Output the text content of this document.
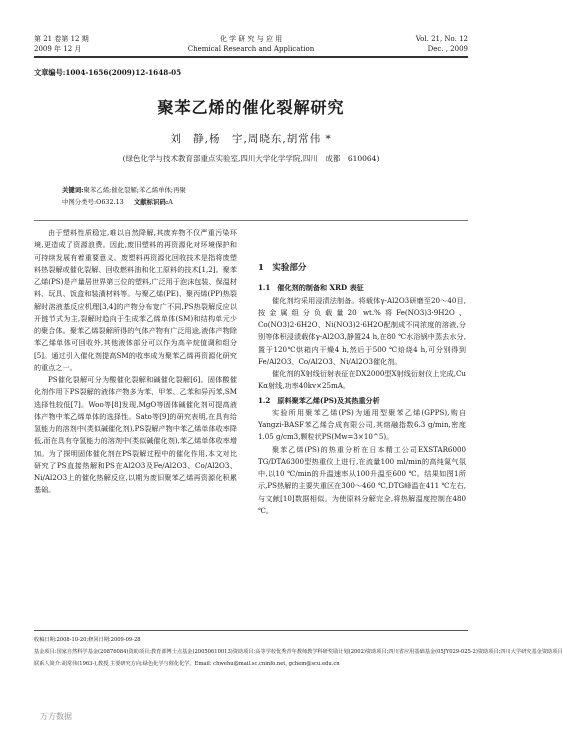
第 21 卷第 12 期
2009 年 12 月
化 学 研 究 与 应 用
Chemical Research and Application
Vol. 21, No. 12
Dec. , 2009
文章编号:1004-1656(2009)12-1648-05
聚苯乙烯的催化裂解研究
刘　静,杨　宇,周晓东,胡常伟 *
(绿色化学与技术教育部重点实验室,四川大学化学学院,四川　成都　610064)
关键词:聚苯乙烯;催化裂解;苯乙烯单体;再聚
中图分类号:O632.13 文献标识码:A

由于塑料性质稳定,难以自然降解,其废弃物不仅严重污染环境,更造成了资源浪费。因此,废旧塑料的再资源化对环境保护和可持续发展有着重要意义。废塑料再资源化回收技术是指将废塑料热裂解或催化裂解、回收燃料油和化工原料的技术[1,2]。聚苯乙烯(PS)是产量居世界第三位的塑料,广泛用于泡沫包装、保温材料、玩具、饭盒和装潢材料等。与聚乙烯(PE)、聚丙烯(PP)热裂解时溶液基反应机理[3,4]的产物分布宽广不同,PS热裂解反应以开链节式为主,裂解时趋向于生成苯乙烯单体(SM)和结构单元少的聚合体。聚苯乙烯裂解所得的气体产物有广泛用途,液体产物除苯乙烯单体可回收外,其他液体部分可以作为高辛烷值调和组分[5]。通过引入催化剂提高SM的收率成为聚苯乙烯再资源化研究的重点之一。

PS催化裂解可分为酸催化裂解和碱催化裂解[6]。固体酸催化剂作用下PS裂解的液体产物多为苯、甲苯、乙苯和异丙苯,SM选择性较低[7]。Woo等[8]发现,MgO等固体碱催化剂可提高液体产物中苯乙烯单体的选择性。Sato等[9]的研究表明,在具有给氢能力的溶剂中(类似碱催化剂),PS裂解产物中苯乙烯单体收率降低,而在具有夺氢能力的溶剂中(类似碱催化剂),苯乙烯单体收率增加。为了探明固体催化剂在PS裂解过程中的催化作用,本文对比研究了PS直接热解和PS在Al2O3及Fe/Al2O3、Co/Al2O3、Ni/Al2O3上的催化热解反应,以期为废旧聚苯乙烯再资源化积累基础。

1　实验部分
1.1　催化剂的制备和 XRD 表征

催化剂均采用浸渍法制备。将载体γ-Al2O3研磨至20～40目,按金属组分负载量20 wt.%将Fe(NO3)3·9H2O、Co(NO3)2·6H2O、Ni(NO3)2·6H2O配制成不同浓度的溶液,分别等体积浸渍载体γ-Al2O3,静置24 h,在80 ℃水浴锅中蒸去水分,置于120℃烘箱内干燥4 h,然后于500 ℃焙烧4 h,可分别得到Fe/Al2O3、Co/Al2O3、Ni/Al2O3催化剂。

催化剂的X射线衍射表征在DX2000型X射线衍射仪上完成,Cu Kα射线,功率40kv×25mA。

1.2　原料聚苯乙烯(PS)及其热重分析

实验所用聚苯乙烯(PS)为通用型聚苯乙烯(GPPS),购自Yangzi-BASF苯乙烯合成有限公司,其熔融指数6.3 g/min,密度1.05 g/cm3,颗粒状PS(Mw=3×10^5)。

聚苯乙烯(PS)的热重分析在日本精工公司EXSTAR6000 TG/DTA6300型热重仪上进行,在流量100 ml/min的高纯氮气氛中,以10 ℃/min的升温速率从100升温至600 ℃。结果如图1所示,PS热解的主要失重区在300～460 ℃,DTG峰温在411 ℃左右,与文献[10]数据相似。为使原料分解完全,将热解温度控制在480 ℃。

收稿日期:2008-10-20;修回日期:2009-09-28
基金项目:国家自然科学基金(20876084)资助项目;教育部博士点基金(20050610013)资助项目;高等学校优秀青年教师教学科研奖励计划(2002)资助项目;四川省应用基础基金(05JY029-025-2)资助项目;四川大学研究基金资助项目
联系人简介:胡常伟(1963-),教授,主要研究方向:绿色化学与催化化学。Email: chwehu@mail.sc.cninfo.net, gchem@scu.edu.cn
万方数据
